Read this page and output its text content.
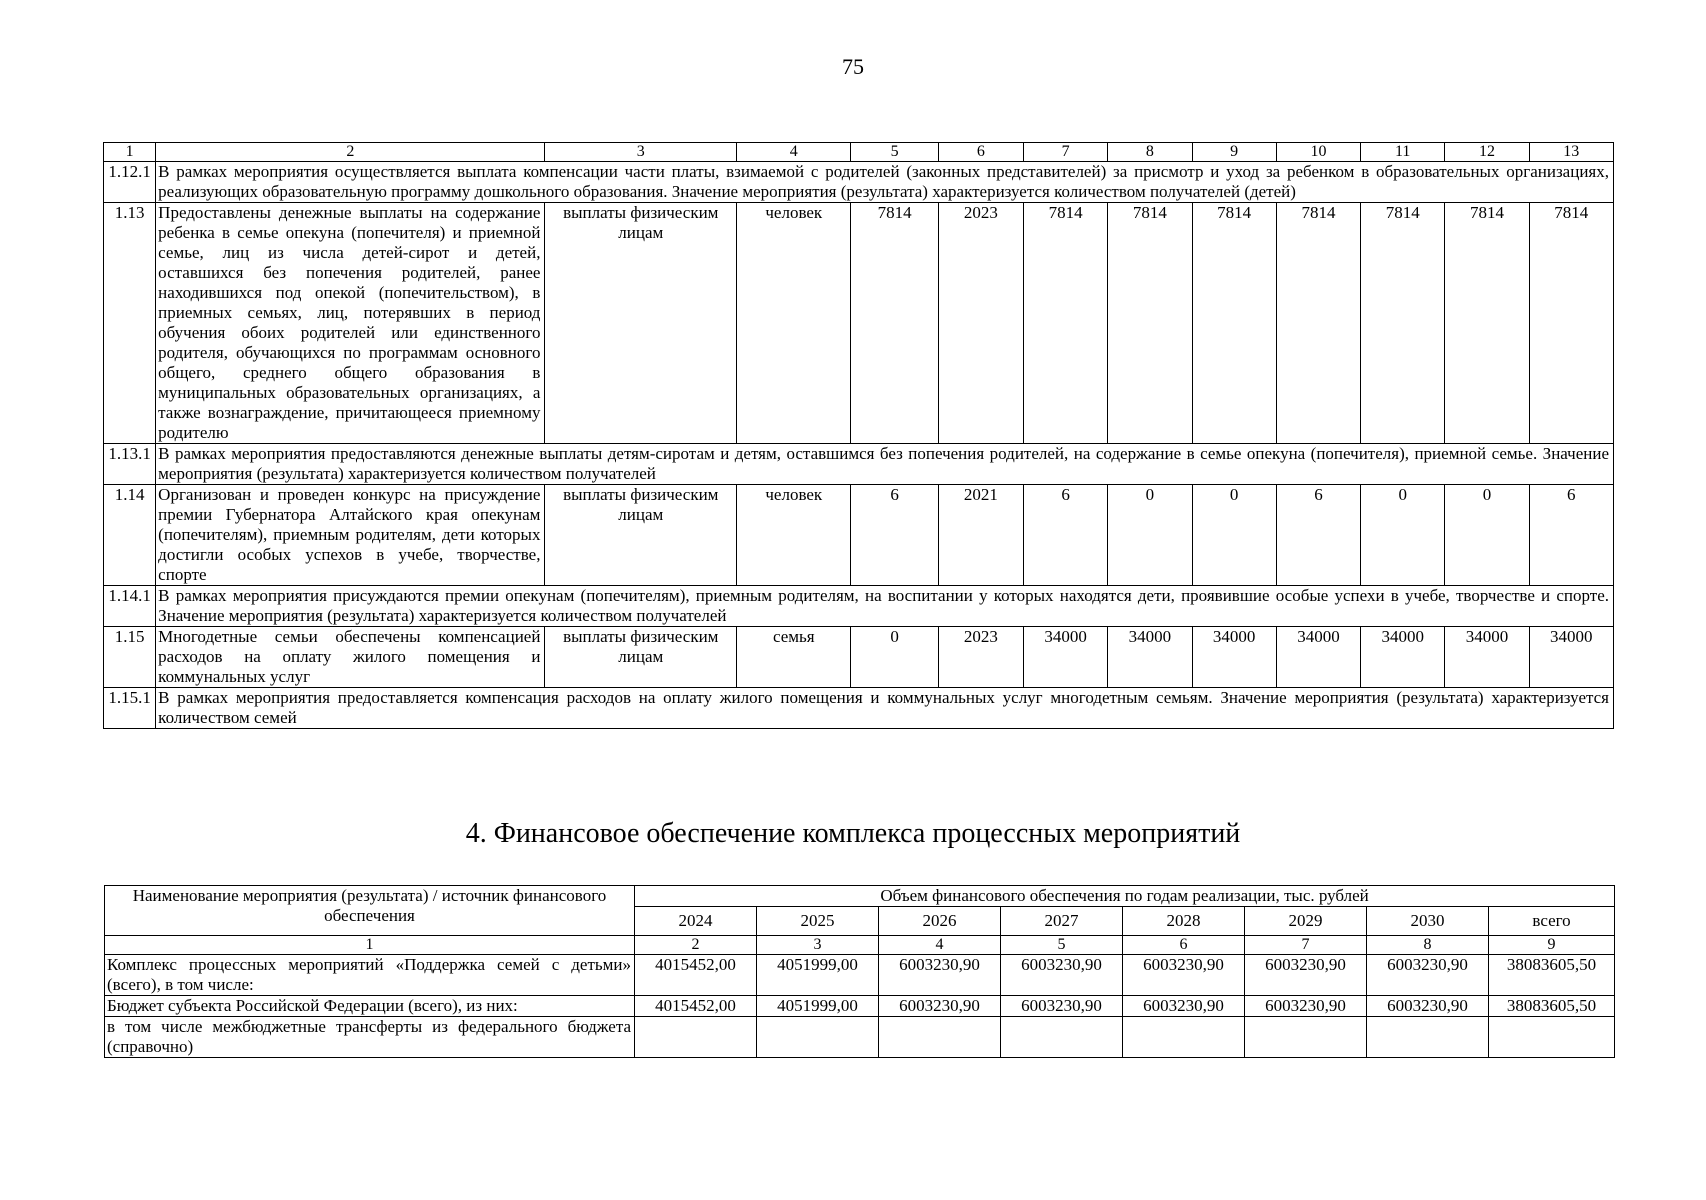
75
1	2	3	4	5	6	7	8	9	10	11	12	13
1.12.1	В рамках мероприятия осуществляется выплата компенсации части платы, взимаемой с родителей (законных представителей) за присмотр и уход за ребенком в образовательных организациях, реализующих образовательную программу дошкольного образования. Значение мероприятия (результата) характеризуется количеством получателей (детей)											
1.13	Предоставлены денежные выплаты на содержание ребенка в семье опекуна (попечителя) и приемной семье, лиц из числа детей-сирот и детей, оставшихся без попечения родителей, ранее находившихся под опекой (попечительством), в приемных семьях, лиц, потерявших в период обучения обоих родителей или единственного родителя, обучающихся по программам основного общего, среднего общего образования в муниципальных образовательных организациях, а также вознаграждение, причитающееся приемному родителю	выплаты физическим лицам	человек	7814	2023	7814	7814	7814	7814	7814	7814	7814
1.13.1	В рамках мероприятия предоставляются денежные выплаты детям-сиротам и детям, оставшимся без попечения родителей, на содержание в семье опекуна (попечителя), приемной семье. Значение мероприятия (результата) характеризуется количеством получателей											
1.14	Организован и проведен конкурс на присуждение премии Губернатора Алтайского края опекунам (попечителям), приемным родителям, дети которых достигли особых успехов в учебе, творчестве, спорте	выплаты физическим лицам	человек	6	2021	6	0	0	6	0	0	6
1.14.1	В рамках мероприятия присуждаются премии опекунам (попечителям), приемным родителям, на воспитании у которых находятся дети, проявившие особые успехи в учебе, творчестве и спорте. Значение мероприятия (результата) характеризуется количеством получателей											
1.15	Многодетные семьи обеспечены компенсацией расходов на оплату жилого помещения и коммунальных услуг	выплаты физическим лицам	семья	0	2023	34000	34000	34000	34000	34000	34000	34000
1.15.1	В рамках мероприятия предоставляется компенсация расходов на оплату жилого помещения и коммунальных услуг многодетным семьям. Значение мероприятия (результата) характеризуется количеством семей											
4. Финансовое обеспечение комплекса процессных мероприятий
Наименование мероприятия (результата) / источник финансового обеспечения	Объем финансового обеспечения по годам реализации, тыс. рублей							
	2024	2025	2026	2027	2028	2029	2030	всего
1	2	3	4	5	6	7	8	9
Комплекс процессных мероприятий «Поддержка семей с детьми» (всего), в том числе:	4015452,00	4051999,00	6003230,90	6003230,90	6003230,90	6003230,90	6003230,90	38083605,50
Бюджет субъекта Российской Федерации (всего), из них:	4015452,00	4051999,00	6003230,90	6003230,90	6003230,90	6003230,90	6003230,90	38083605,50
в том числе межбюджетные трансферты из федерального бюджета (справочно)								
